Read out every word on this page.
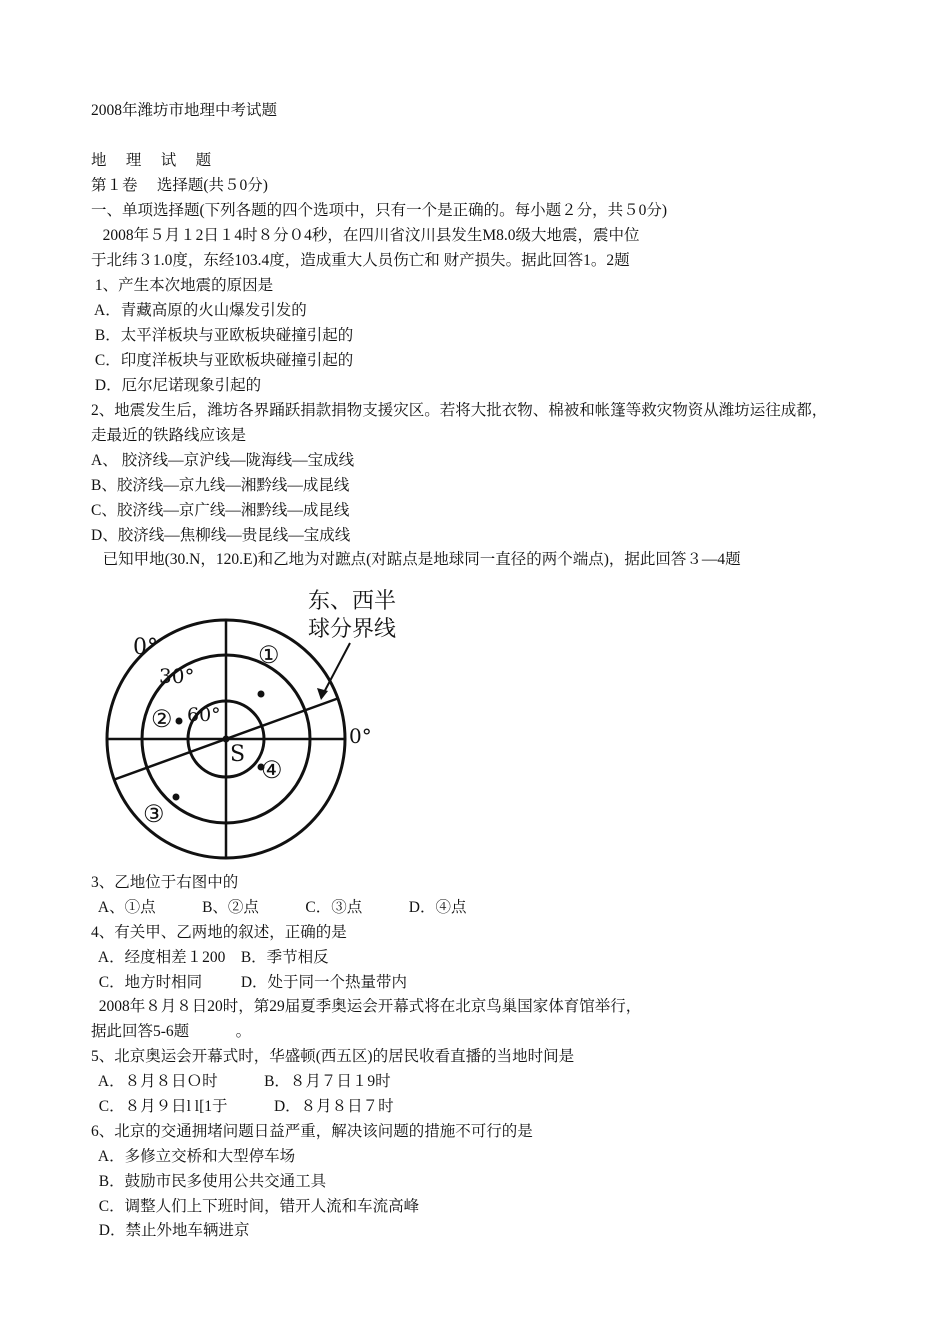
2008年潍坊市地理中考试题
地　 理　 试　 题
第１卷　 选择题(共５0分)
一、单项选择题(下列各题的四个选项中，只有一个是正确的。每小题２分，共５0分)
2008年５月１2日１4时８分０4秒，在四川省汶川县发生M8.0级大地震，震中位
于北纬３1.0度，东经103.4度，造成重大人员伤亡和 财产损失。据此回答1。2题
1、产生本次地震的原因是
A．青藏高原的火山爆发引发的
B．太平洋板块与亚欧板块碰撞引起的
C．印度洋板块与亚欧板块碰撞引起的
D．厄尔尼诺现象引起的
2、地震发生后，潍坊各界踊跃捐款捐物支援灾区。若将大批衣物、棉被和帐篷等救灾物资从潍坊运往成都，
走最近的铁路线应该是
A、 胶济线—京沪线—陇海线—宝成线
B、胶济线—京九线—湘黔线—成昆线
C、胶济线—京广线—湘黔线—成昆线
D、胶济线—焦柳线—贵昆线—宝成线
已知甲地(30.N，120.E)和乙地为对蹠点(对踮点是地球同一直径的两个端点)，据此回答３—4题
东、西半
球分界线
0°
30°
60°
0°
S
①
②
③
④
3、乙地位于右图中的
A、①点            B、②点            C．③点            D．④点
4、有关甲、乙两地的叙述，正确的是
A．经度相差１200    B．季节相反
C．地方时相同          D．处于同一个热量带内
2008年８月８日20时，第29届夏季奥运会开幕式将在北京鸟巢国家体育馆举行，
据此回答5-6题            。
5、北京奥运会开幕式时，华盛顿(西五区)的居民收看直播的当地时间是
A．８月８日Ｏ时            B．８月７日１9时
C．８月９日l l[1于            D．８月８日７时
6、北京的交通拥堵问题日益严重，解决该问题的措施不可行的是
A．多修立交桥和大型停车场
B．鼓励市民多使用公共交通工具
C．调整人们上下班时间，错开人流和车流高峰
D．禁止外地车辆进京
